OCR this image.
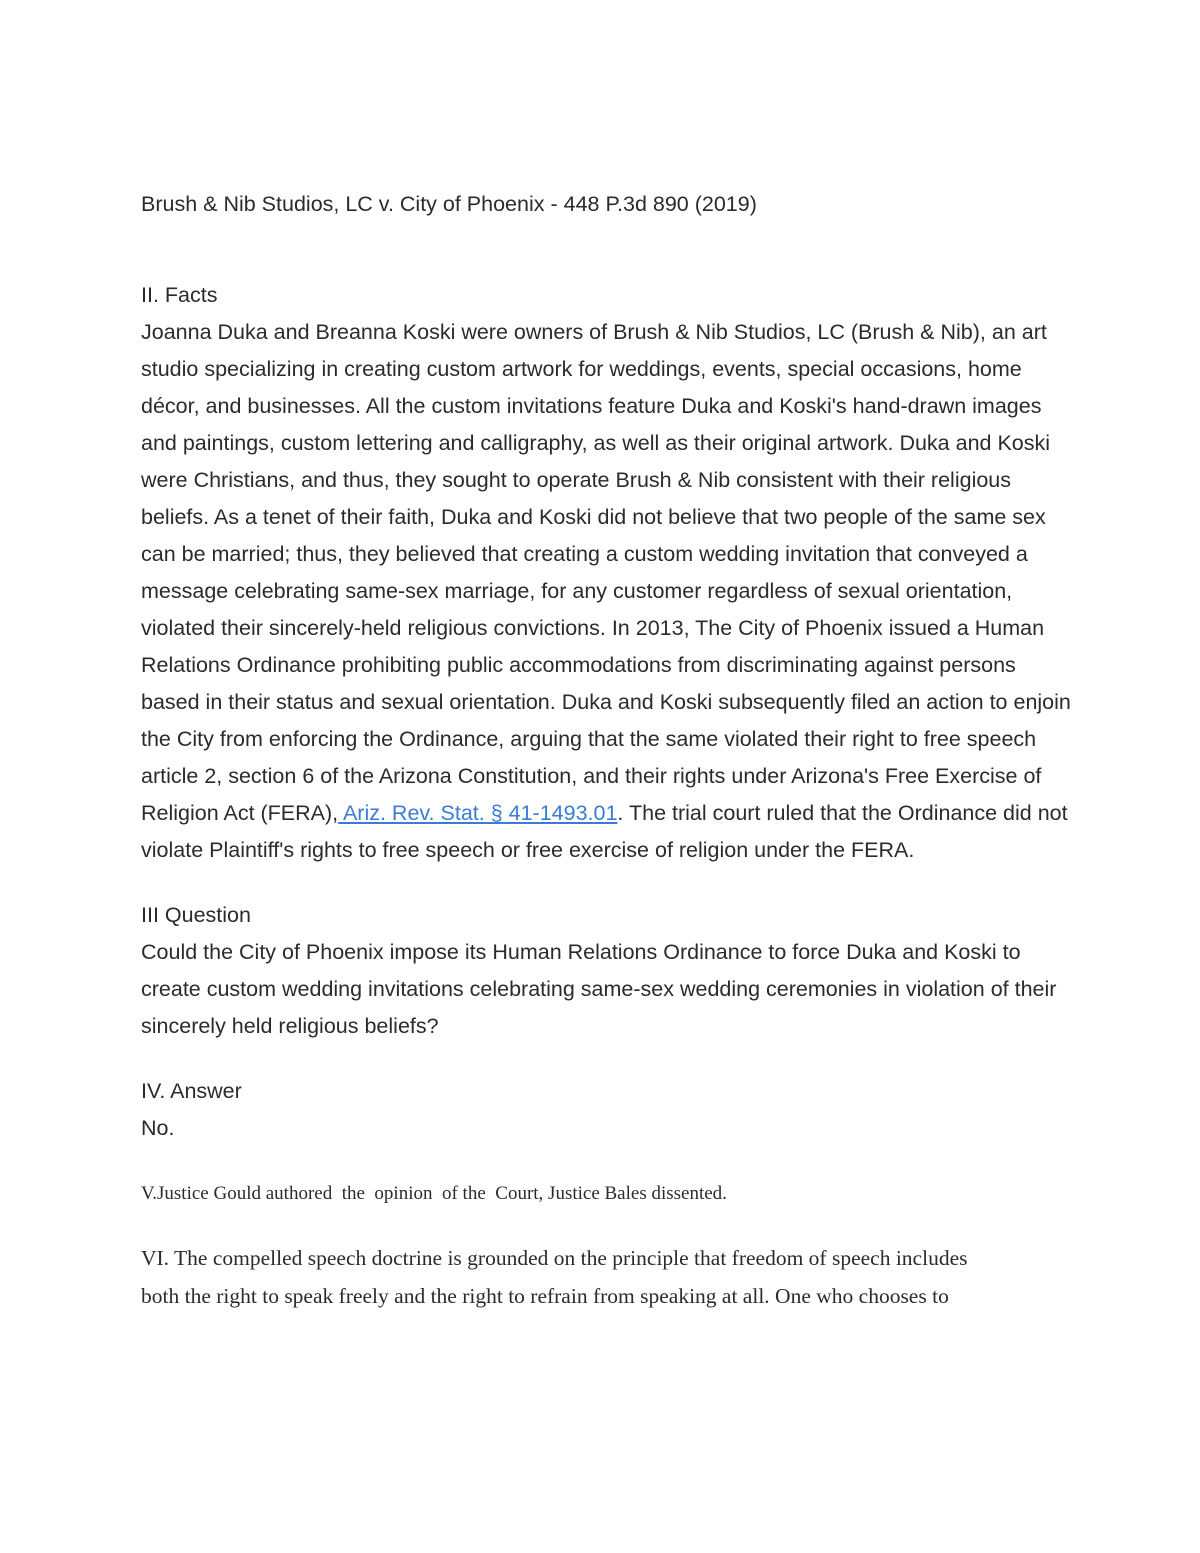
Brush & Nib Studios, LC v. City of Phoenix - 448 P.3d 890 (2019)

II. Facts

Joanna Duka and Breanna Koski were owners of Brush & Nib Studios, LC (Brush & Nib), an art studio specializing in creating custom artwork for weddings, events, special occasions, home décor, and businesses. All the custom invitations feature Duka and Koski's hand-drawn images and paintings, custom lettering and calligraphy, as well as their original artwork. Duka and Koski were Christians, and thus, they sought to operate Brush & Nib consistent with their religious beliefs. As a tenet of their faith, Duka and Koski did not believe that two people of the same sex can be married; thus, they believed that creating a custom wedding invitation that conveyed a message celebrating same-sex marriage, for any customer regardless of sexual orientation, violated their sincerely-held religious convictions. In 2013, The City of Phoenix issued a Human Relations Ordinance prohibiting public accommodations from discriminating against persons based in their status and sexual orientation. Duka and Koski subsequently filed an action to enjoin the City from enforcing the Ordinance, arguing that the same violated their right to free speech article 2, section 6 of the Arizona Constitution, and their rights under Arizona's Free Exercise of Religion Act (FERA), Ariz. Rev. Stat. § 41-1493.01. The trial court ruled that the Ordinance did not violate Plaintiff's rights to free speech or free exercise of religion under the FERA.

III Question

Could the City of Phoenix impose its Human Relations Ordinance to force Duka and Koski to create custom wedding invitations celebrating same-sex wedding ceremonies in violation of their sincerely held religious beliefs?

IV. Answer

No.

V.Justice Gould authored  the  opinion  of the  Court, Justice Bales dissented.

VI. The compelled speech doctrine is grounded on the principle that freedom of speech includes

both the right to speak freely and the right to refrain from speaking at all. One who chooses to
